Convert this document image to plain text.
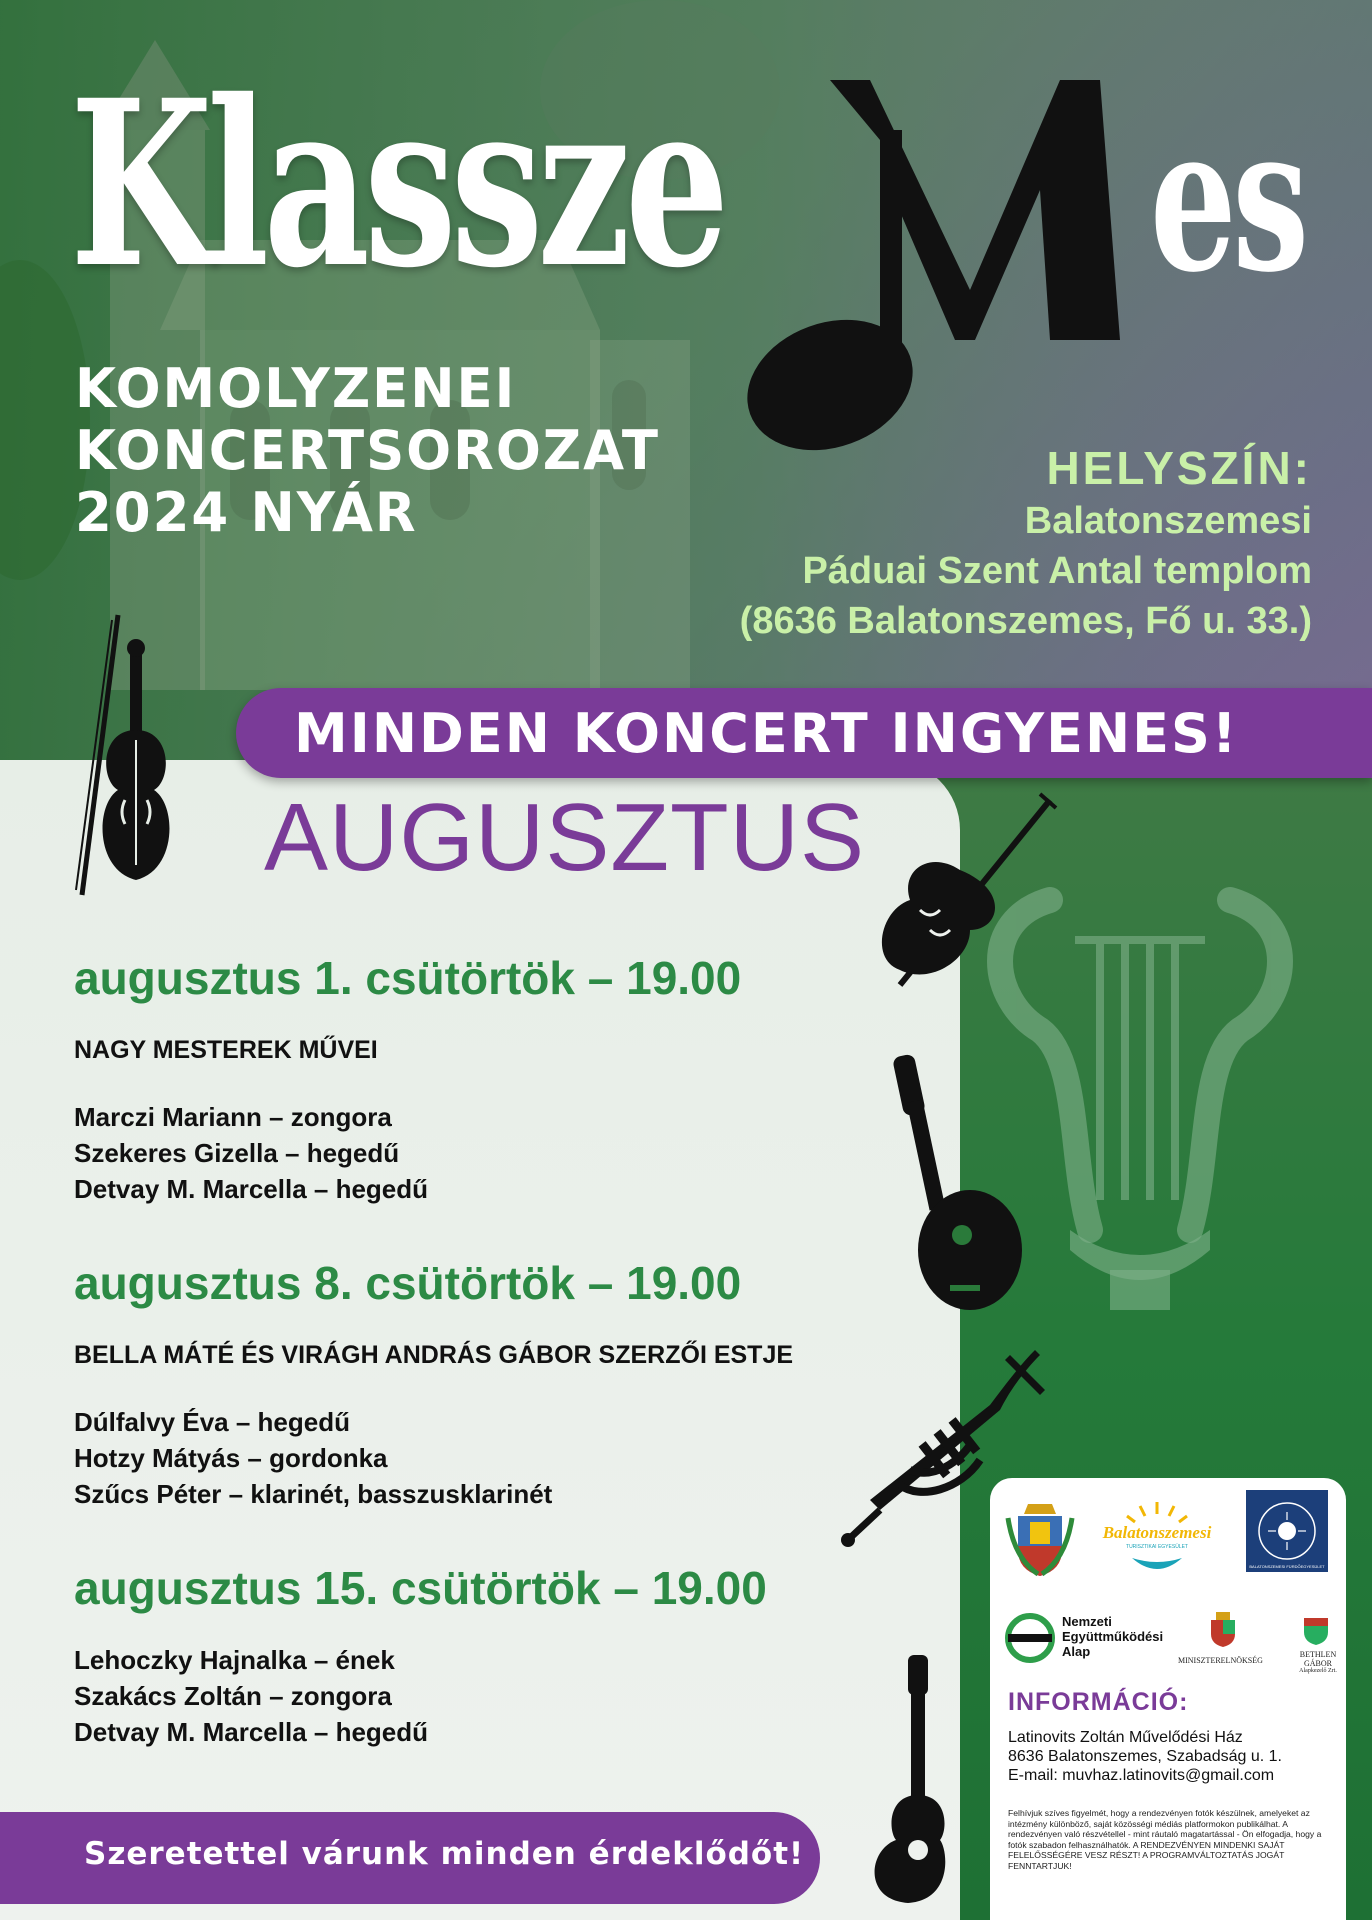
Klassze es
KOMOLYZENEI
KONCERTSOROZAT
2024 NYÁR
HELYSZÍN:
Balatonszemesi
Páduai Szent Antal templom
(8636 Balatonszemes, Fő u. 33.)
MINDEN KONCERT INGYENES!
AUGUSZTUS
augusztus 1. csütörtök – 19.00
NAGY MESTEREK MŰVEI
Marczi Mariann – zongora
Szekeres Gizella – hegedű
Detvay M. Marcella – hegedű
augusztus 8. csütörtök – 19.00
BELLA MÁTÉ ÉS VIRÁGH ANDRÁS GÁBOR SZERZŐI ESTJE
Dúlfalvy Éva – hegedű
Hotzy Mátyás – gordonka
Szűcs Péter – klarinét, basszusklarinét
augusztus 15. csütörtök – 19.00
Lehoczky Hajnalka – ének
Szakács Zoltán – zongora
Detvay M. Marcella – hegedű
Szeretettel várunk minden érdeklődőt!
Balatonszemesi
TURISZTIKAI EGYESÜLET
BALATONSZEMESI FÜRDŐEGYESÜLET
Nemzeti
Együttműködési
Alap
MINISZTERELNÖKSÉG
BETHLEN GÁBOR
Alapkezelő Zrt.
INFORMÁCIÓ:
Latinovits Zoltán Művelődési Ház
8636 Balatonszemes, Szabadság u. 1.
E-mail: muvhaz.latinovits@gmail.com
Felhívjuk szíves figyelmét, hogy a rendezvényen fotók készülnek, amelyeket az intézmény különböző, saját közösségi médiás platformokon publikálhat. A rendezvényen való részvétellel - mint ráutaló magatartással - Ön elfogadja, hogy a fotók szabadon felhasználhatók. A RENDEZVÉNYEN MINDENKI SAJÁT FELELŐSSÉGÉRE VESZ RÉSZT! A PROGRAMVÁLTOZTATÁS JOGÁT FENNTARTJUK!
